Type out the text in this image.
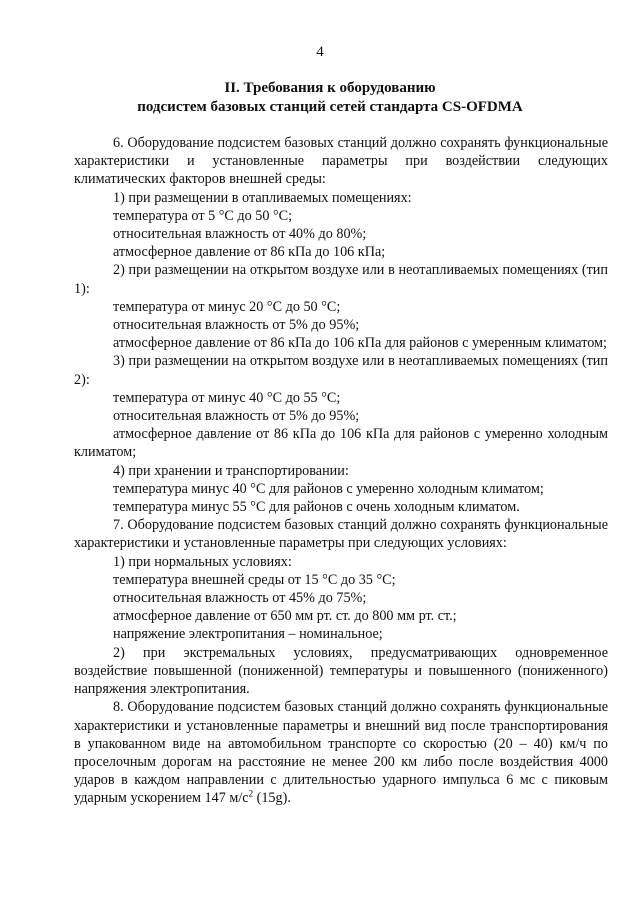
4
II. Требования к оборудованию
подсистем базовых станций сетей стандарта CS-OFDMA
6. Оборудование подсистем базовых станций должно сохранять функциональные характеристики и установленные параметры при воздействии следующих климатических факторов внешней среды:
1) при размещении в отапливаемых помещениях:
температура от 5 °C до 50 °C;
относительная влажность от 40% до 80%;
атмосферное давление от 86 кПа до 106 кПа;
2) при размещении на открытом воздухе или в неотапливаемых помещениях (тип 1):
температура от минус 20 °C до 50 °C;
относительная влажность от 5% до 95%;
атмосферное давление от 86 кПа до 106 кПа для районов с умеренным климатом;
3) при размещении на открытом воздухе или в неотапливаемых помещениях (тип 2):
температура от минус 40 °C до 55 °C;
относительная влажность от 5% до 95%;
атмосферное давление от 86 кПа до 106 кПа для районов с умеренно холодным климатом;
4) при хранении и транспортировании:
температура минус 40 °C для районов с умеренно холодным климатом;
температура минус 55 °C для районов с очень холодным климатом.
7. Оборудование подсистем базовых станций должно сохранять функциональные характеристики и установленные параметры при следующих условиях:
1) при нормальных условиях:
температура внешней среды от 15 °C до 35 °C;
относительная влажность от 45% до 75%;
атмосферное давление от 650 мм рт. ст. до 800 мм рт. ст.;
напряжение электропитания – номинальное;
2) при экстремальных условиях, предусматривающих одновременное воздействие повышенной (пониженной) температуры и повышенного (пониженного) напряжения электропитания.
8. Оборудование подсистем базовых станций должно сохранять функциональные характеристики и установленные параметры и внешний вид после транспортирования в упакованном виде на автомобильном транспорте со скоростью (20 – 40) км/ч по проселочным дорогам на расстояние не менее 200 км либо после воздействия 4000 ударов в каждом направлении с длительностью ударного импульса 6 мс с пиковым ударным ускорением 147 $м/с^2$ (15g).
